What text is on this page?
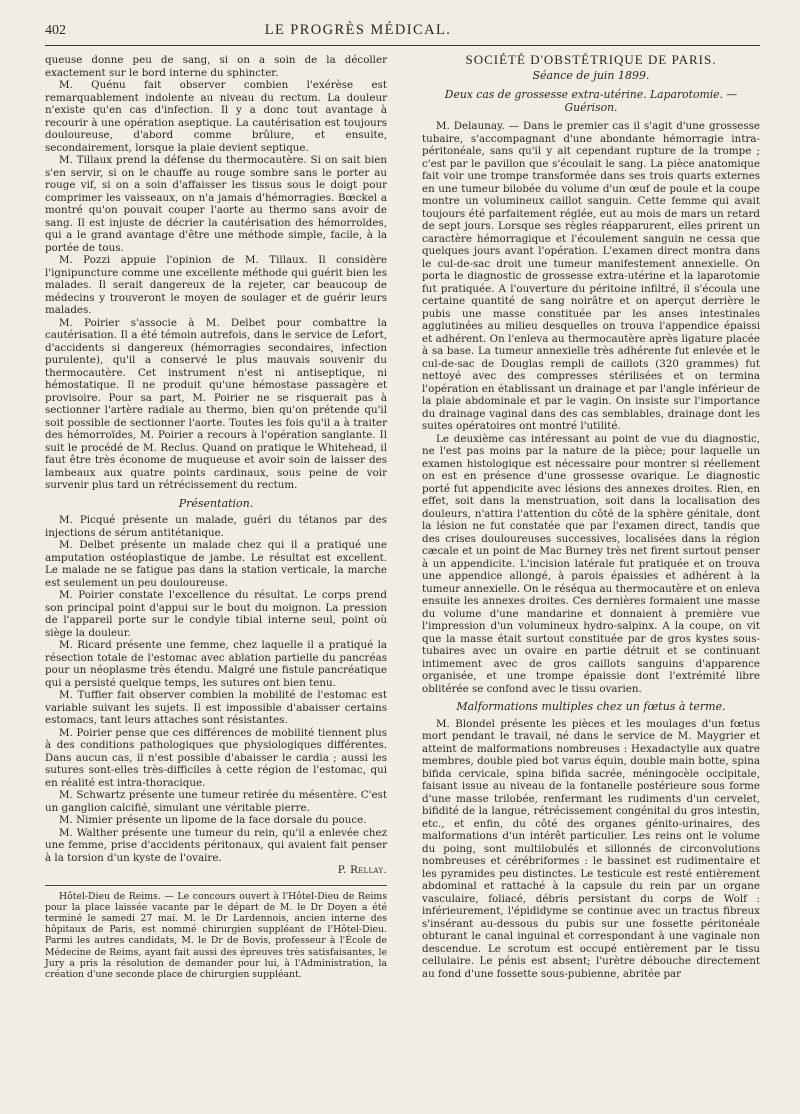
402	LE PROGRÈS MÉDICAL.

queuse donne peu de sang, si on a soin de la décoller exactement sur le bord interne du sphincter.

M. Quénu fait observer combien l'exérèse est remarquablement indolente au niveau du rectum. La douleur n'existe qu'en cas d'infection. Il y a donc tout avantage à recourir à une opération aseptique. La cautérisation est toujours douloureuse, d'abord comme brûlure, et ensuite, secondairement, lorsque la plaie devient septique.

M. Tillaux prend la défense du thermocautère. Si on sait bien s'en servir, si on le chauffe au rouge sombre sans le porter au rouge vif, si on a soin d'affaisser les tissus sous le doigt pour comprimer les vaisseaux, on n'a jamais d'hémorragies. Bœckel a montré qu'on pouvait couper l'aorte au thermo sans avoir de sang. Il est injuste de décrier la cautérisation des hémorroïdes, qui a le grand avantage d'être une méthode simple, facile, à la portée de tous.

M. Pozzi appuie l'opinion de M. Tillaux. Il considère l'ignipuncture comme une excellente méthode qui guérit bien les malades. Il serait dangereux de la rejeter, car beaucoup de médecins y trouveront le moyen de soulager et de guérir leurs malades.

M. Poirier s'associe à M. Delbet pour combattre la cautérisation. Il a été témoin autrefois, dans le service de Lefort, d'accidents si dangereux (hémorragies secondaires, infection purulente), qu'il a conservé le plus mauvais souvenir du thermocautère. Cet instrument n'est ni antiseptique, ni hémostatique. Il ne produit qu'une hémostase passagère et provisoire. Pour sa part, M. Poirier ne se risquerait pas à sectionner l'artère radiale au thermo, bien qu'on prétende qu'il soit possible de sectionner l'aorte. Toutes les fois qu'il a à traiter des hémorroïdes, M. Poirier a recours à l'opération sanglante. Il suit le procédé de M. Reclus. Quand on pratique le Whitehead, il faut être très économe de muqueuse et avoir soin de laisser des lambeaux aux quatre points cardinaux, sous peine de voir survenir plus tard un rétrécissement du rectum.

Présentation.

M. Picqué présente un malade, guéri du tétanos par des injections de sérum antitétanique.

M. Delbet présente un malade chez qui il a pratiqué une amputation ostéoplastique de jambe. Le résultat est excellent. Le malade ne se fatigue pas dans la station verticale, la marche est seulement un peu douloureuse.

M. Poirier constate l'excellence du résultat. Le corps prend son principal point d'appui sur le bout du moignon. La pression de l'appareil porte sur le condyle tibial interne seul, point où siège la douleur.

M. Ricard présente une femme, chez laquelle il a pratiqué la résection totale de l'estomac avec ablation partielle du pancréas pour un néoplasme très étendu. Malgré une fistule pancréatique qui a persisté quelque temps, les sutures ont bien tenu.

M. Tuffier fait observer combien la mobilité de l'estomac est variable suivant les sujets. Il est impossible d'abaisser certains estomacs, tant leurs attaches sont résistantes.

M. Poirier pense que ces différences de mobilité tiennent plus à des conditions pathologiques que physiologiques différentes. Dans aucun cas, il n'est possible d'abaisser le cardia ; aussi les sutures sont-elles très-difficiles à cette région de l'estomac, qui en réalité est intra-thoracique.

M. Schwartz présente une tumeur retirée du mésentère. C'est un ganglion calcifié, simulant une véritable pierre.

M. Nimier présente un lipome de la face dorsale du pouce.

M. Walther présente une tumeur du rein, qu'il a enlevée chez une femme, prise d'accidents péritonaux, qui avaient fait penser à la torsion d'un kyste de l'ovaire.

P. Rellay.

Hôtel-Dieu de Reims. — Le concours ouvert à l'Hôtel-Dieu de Reims pour la place laissée vacante par le départ de M. le Dr Doyen a été terminé le samedi 27 mai. M. le Dr Lardennois, ancien interne des hôpitaux de Paris, est nommé chirurgien suppléant de l'Hôtel-Dieu. Parmi les autres candidats, M. le Dr de Bovis, professeur à l'École de Médecine de Reims, ayant fait aussi des épreuves très satisfaisantes, le Jury a pris la résolution de demander pour lui, à l'Administration, la création d'une seconde place de chirurgien suppléant.

SOCIÉTÉ D'OBSTÉTRIQUE DE PARIS.
Séance de juin 1899.
Deux cas de grossesse extra-utérine. Laparotomie. — Guérison.

M. Delaunay. — Dans le premier cas il s'agit d'une grossesse tubaire, s'accompagnant d'une abondante hémorragie intra-péritonéale, sans qu'il y ait cependant rupture de la trompe ; c'est par le pavillon que s'écoulait le sang. La pièce anatomique fait voir une trompe transformée dans ses trois quarts externes en une tumeur bilobée du volume d'un œuf de poule et la coupe montre un volumineux caillot sanguin. Cette femme qui avait toujours été parfaitement réglée, eut au mois de mars un retard de sept jours. Lorsque ses règles réapparurent, elles prirent un caractère hémorragique et l'écoulement sanguin ne cessa que quelques jours avant l'opération. L'examen direct montra dans le cul-de-sac droit une tumeur manifestement annexielle. On porta le diagnostic de grossesse extra-utérine et la laparotomie fut pratiquée. A l'ouverture du péritoine infiltré, il s'écoula une certaine quantité de sang noirâtre et on aperçut derrière le pubis une masse constituée par les anses intestinales agglutinées au milieu desquelles on trouva l'appendice épaissi et adhérent. On l'enleva au thermocautère après ligature placée à sa base. La tumeur annexielle très adhérente fut enlevée et le cul-de-sac de Douglas rempli de caillots (320 grammes) fut nettoyé avec des compresses stérilisées et on termina l'opération en établissant un drainage et par l'angle inférieur de la plaie abdominale et par le vagin. On insiste sur l'importance du drainage vaginal dans des cas semblables, drainage dont les suites opératoires ont montré l'utilité.

Le deuxième cas intéressant au point de vue du diagnostic, ne l'est pas moins par la nature de la pièce; pour laquelle un examen histologique est nécessaire pour montrer si réellement on est en présence d'une grossesse ovarique. Le diagnostic porté fut appendicite avec lésions des annexes droites. Rien, en effet, soit dans la menstruation, soit dans la localisation des douleurs, n'attira l'attention du côté de la sphère génitale, dont la lésion ne fut constatée que par l'examen direct, tandis que des crises douloureuses successives, localisées dans la région cæcale et un point de Mac Burney très net firent surtout penser à un appendicite. L'incision latérale fut pratiquée et on trouva une appendice allongé, à parois épaissies et adhérent à la tumeur annexielle. On le réséqua au thermocautère et on enleva ensuite les annexes droites. Ces dernières formaient une masse du volume d'une mandarine et donnaient à première vue l'impression d'un volumineux hydro-salpinx. A la coupe, on vit que la masse était surtout constituée par de gros kystes sous-tubaires avec un ovaire en partie détruit et se continuant intimement avec de gros caillots sanguins d'apparence organisée, et une trompe épaissie dont l'extrémité libre oblitérée se confond avec le tissu ovarien.

Malformations multiples chez un fœtus à terme.

M. Blondel présente les pièces et les moulages d'un fœtus mort pendant le travail, né dans le service de M. Maygrier et atteint de malformations nombreuses : Hexadactylie aux quatre membres, double pied bot varus équin, double main botte, spina bifida cervicale, spina bifida sacrée, méningocèle occipitale, faisant issue au niveau de la fontanelle postérieure sous forme d'une masse trilobée, renfermant les rudiments d'un cervelet, bifidité de la langue, rétrécissement congénital du gros intestin, etc., et enfin, du côté des organes génito-urinaires, des malformations d'un intérêt particulier. Les reins ont le volume du poing, sont multilobulés et sillonnés de circonvolutions nombreuses et cérébriformes : le bassinet est rudimentaire et les pyramides peu distinctes. Le testicule est resté entièrement abdominal et rattaché à la capsule du rein par un organe vasculaire, foliacé, débris persistant du corps de Wolf : inférieurement, l'épididyme se continue avec un tractus fibreux s'insérant au-dessous du pubis sur une fossette péritonéale obturant le canal inguinal et correspondant à une vaginale non descendue. Le scrotum est occupé entièrement par le tissu cellulaire. Le pénis est absent; l'urètre débouche directement au fond d'une fossette sous-pubienne, abritée par
